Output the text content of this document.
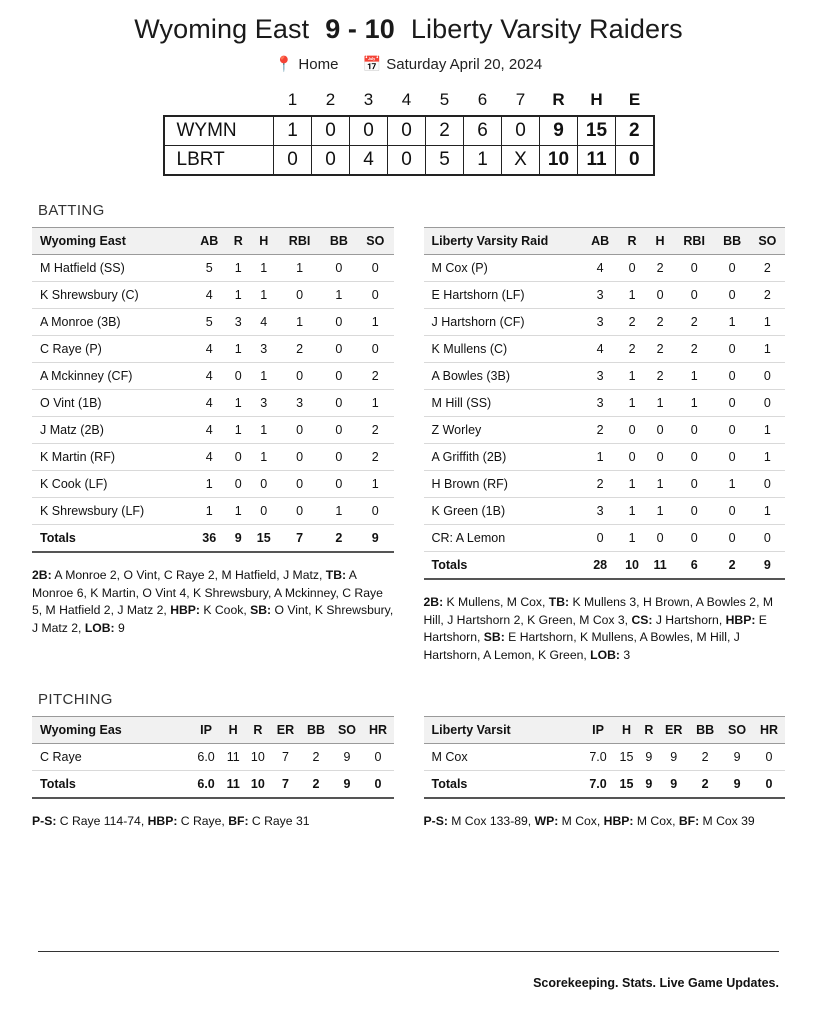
Wyoming East 9 - 10 Liberty Varsity Raiders
📍 Home 📅 Saturday April 20, 2024
	1	2	3	4	5	6	7	R	H	E
WYMN	1	0	0	0	2	6	0	9	15	2
LBRT	0	0	4	0	5	1	X	10	11	0
BATTING
Wyoming East	AB	R	H	RBI	BB	SO
M Hatfield (SS)	5	1	1	1	0	0
K Shrewsbury (C)	4	1	1	0	1	0
A Monroe (3B)	5	3	4	1	0	1
C Raye (P)	4	1	3	2	0	0
A Mckinney (CF)	4	0	1	0	0	2
O Vint (1B)	4	1	3	3	0	1
J Matz (2B)	4	1	1	0	0	2
K Martin (RF)	4	0	1	0	0	2
K Cook (LF)	1	0	0	0	0	1
K Shrewsbury (LF)	1	1	0	0	1	0
Totals	36	9	15	7	2	9
2B: A Monroe 2, O Vint, C Raye 2, M Hatfield, J Matz, TB: A Monroe 6, K Martin, O Vint 4, K Shrewsbury, A Mckinney, C Raye 5, M Hatfield 2, J Matz 2, HBP: K Cook, SB: O Vint, K Shrewsbury, J Matz 2, LOB: 9
Liberty Varsity Raid	AB	R	H	RBI	BB	SO
M Cox (P)	4	0	2	0	0	2
E Hartshorn (LF)	3	1	0	0	0	2
J Hartshorn (CF)	3	2	2	2	1	1
K Mullens (C)	4	2	2	2	0	1
A Bowles (3B)	3	1	2	1	0	0
M Hill (SS)	3	1	1	1	0	0
Z Worley	2	0	0	0	0	1
A Griffith (2B)	1	0	0	0	0	1
H Brown (RF)	2	1	1	0	1	0
K Green (1B)	3	1	1	0	0	1
CR: A Lemon	0	1	0	0	0	0
Totals	28	10	11	6	2	9
2B: K Mullens, M Cox, TB: K Mullens 3, H Brown, A Bowles 2, M Hill, J Hartshorn 2, K Green, M Cox 3, CS: J Hartshorn, HBP: E Hartshorn, SB: E Hartshorn, K Mullens, A Bowles, M Hill, J Hartshorn, A Lemon, K Green, LOB: 3
PITCHING
Wyoming Eas	IP	H	R	ER	BB	SO	HR
C Raye	6.0	11	10	7	2	9	0
Totals	6.0	11	10	7	2	9	0
P-S: C Raye 114-74, HBP: C Raye, BF: C Raye 31
Liberty Varsit	IP	H	R	ER	BB	SO	HR
M Cox	7.0	15	9	9	2	9	0
Totals	7.0	15	9	9	2	9	0
P-S: M Cox 133-89, WP: M Cox, HBP: M Cox, BF: M Cox 39
Scorekeeping. Stats. Live Game Updates.
